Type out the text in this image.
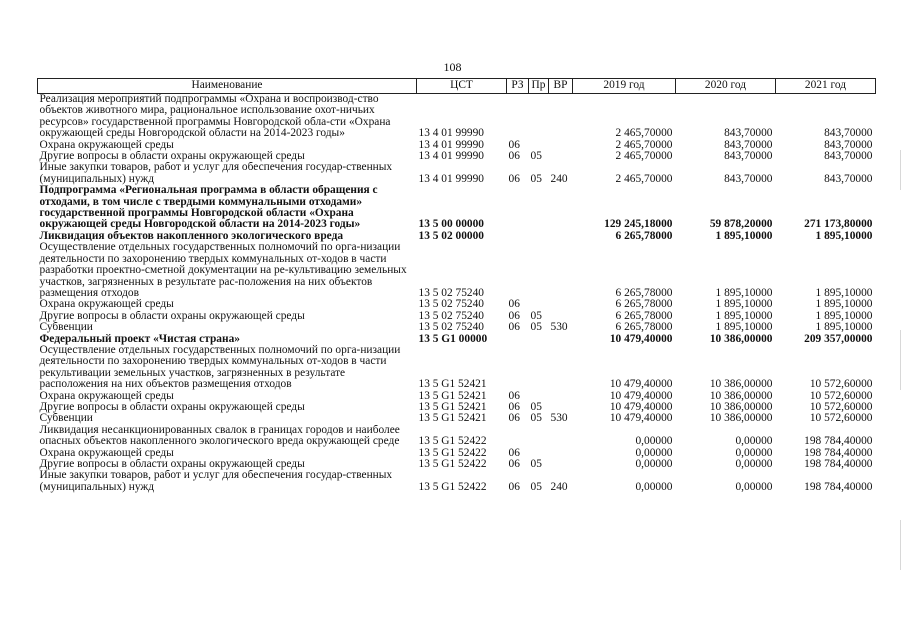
108
Наименование	ЦСТ	РЗ	Пр	ВР	2019 год	2020 год	2021 год
Реализация мероприятий подпрограммы «Охрана и воспроизвод-ство объектов животного мира, рациональное использование охот-ничьих ресурсов» государственной программы Новгородской обла-сти «Охрана окружающей среды Новгородской области на 2014-2023 годы»	13 4 01 99990				2 465,70000	843,70000	843,70000
Охрана окружающей среды	13 4 01 99990	06			2 465,70000	843,70000	843,70000
Другие вопросы в области охраны окружающей среды	13 4 01 99990	06	05		2 465,70000	843,70000	843,70000
Иные закупки товаров, работ и услуг для обеспечения государ-ственных (муниципальных) нужд	13 4 01 99990	06	05	240	2 465,70000	843,70000	843,70000
Подпрограмма «Региональная программа в области обращения с отходами, в том числе с твердыми коммунальными отходами» государственной программы Новгородской области «Охрана окружающей среды Новгородской области на 2014-2023 годы»	13 5 00 00000				129 245,18000	59 878,20000	271 173,80000
Ликвидация объектов накопленного экологического вреда	13 5 02 00000				6 265,78000	1 895,10000	1 895,10000
Осуществление отдельных государственных полномочий по орга-низации деятельности по захоронению твердых коммунальных от-ходов в части разработки проектно-сметной документации на ре-культивацию земельных участков, загрязненных в результате рас-положения на них объектов размещения отходов	13 5 02 75240				6 265,78000	1 895,10000	1 895,10000
Охрана окружающей среды	13 5 02 75240	06			6 265,78000	1 895,10000	1 895,10000
Другие вопросы в области охраны окружающей среды	13 5 02 75240	06	05		6 265,78000	1 895,10000	1 895,10000
Субвенции	13 5 02 75240	06	05	530	6 265,78000	1 895,10000	1 895,10000
Федеральный проект «Чистая страна»	13 5 G1 00000				10 479,40000	10 386,00000	209 357,00000
Осуществление отдельных государственных полномочий по орга-низации деятельности по захоронению твердых коммунальных от-ходов в части рекультивации земельных участков, загрязненных в результате расположения на них объектов размещения отходов	13 5 G1 52421				10 479,40000	10 386,00000	10 572,60000
Охрана окружающей среды	13 5 G1 52421	06			10 479,40000	10 386,00000	10 572,60000
Другие вопросы в области охраны окружающей среды	13 5 G1 52421	06	05		10 479,40000	10 386,00000	10 572,60000
Субвенции	13 5 G1 52421	06	05	530	10 479,40000	10 386,00000	10 572,60000
Ликвидация несанкционированных свалок в границах городов и наиболее опасных объектов накопленного экологического вреда окружающей среде	13 5 G1 52422				0,00000	0,00000	198 784,40000
Охрана окружающей среды	13 5 G1 52422	06			0,00000	0,00000	198 784,40000
Другие вопросы в области охраны окружающей среды	13 5 G1 52422	06	05		0,00000	0,00000	198 784,40000
Иные закупки товаров, работ и услуг для обеспечения государ-ственных (муниципальных) нужд	13 5 G1 52422	06	05	240	0,00000	0,00000	198 784,40000
